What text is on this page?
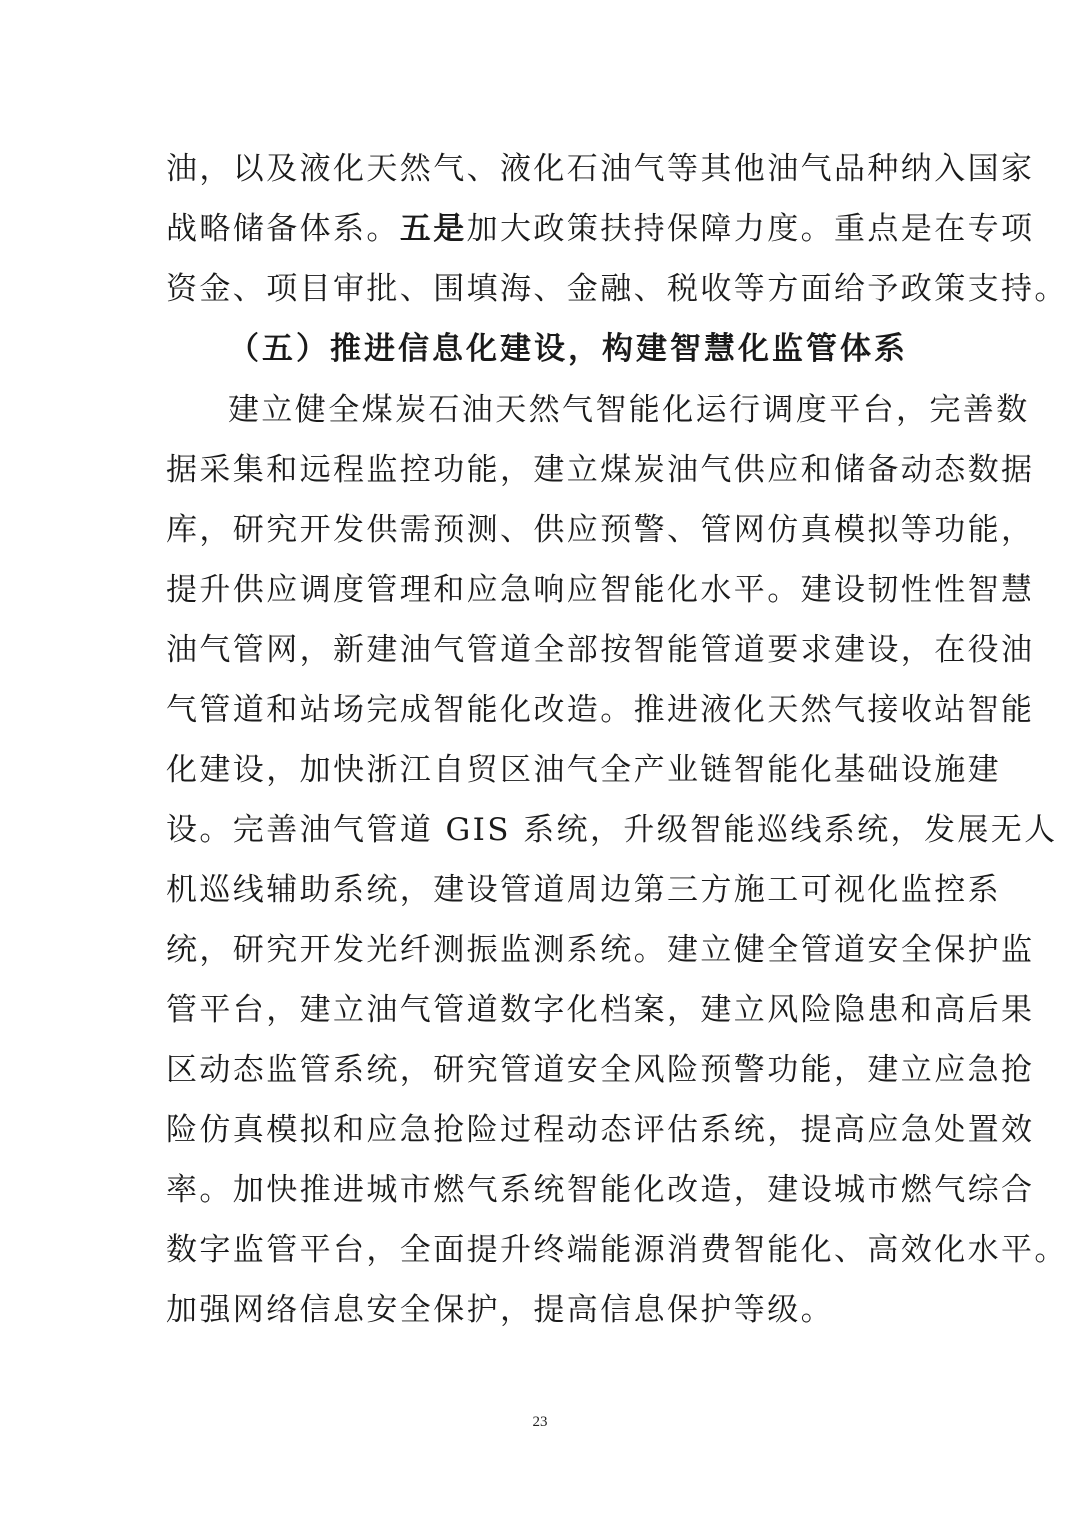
油，以及液化天然气、液化石油气等其他油气品种纳入国家
战略储备体系。五是加大政策扶持保障力度。重点是在专项
资金、项目审批、围填海、金融、税收等方面给予政策支持。
（五）推进信息化建设，构建智慧化监管体系
建立健全煤炭石油天然气智能化运行调度平台，完善数
据采集和远程监控功能，建立煤炭油气供应和储备动态数据
库，研究开发供需预测、供应预警、管网仿真模拟等功能，
提升供应调度管理和应急响应智能化水平。建设韧性性智慧
油气管网，新建油气管道全部按智能管道要求建设，在役油
气管道和站场完成智能化改造。推进液化天然气接收站智能
化建设，加快浙江自贸区油气全产业链智能化基础设施建
设。完善油气管道 GIS 系统，升级智能巡线系统，发展无人
机巡线辅助系统，建设管道周边第三方施工可视化监控系
统，研究开发光纤测振监测系统。建立健全管道安全保护监
管平台，建立油气管道数字化档案，建立风险隐患和高后果
区动态监管系统，研究管道安全风险预警功能，建立应急抢
险仿真模拟和应急抢险过程动态评估系统，提高应急处置效
率。加快推进城市燃气系统智能化改造，建设城市燃气综合
数字监管平台，全面提升终端能源消费智能化、高效化水平。
加强网络信息安全保护，提高信息保护等级。
23
